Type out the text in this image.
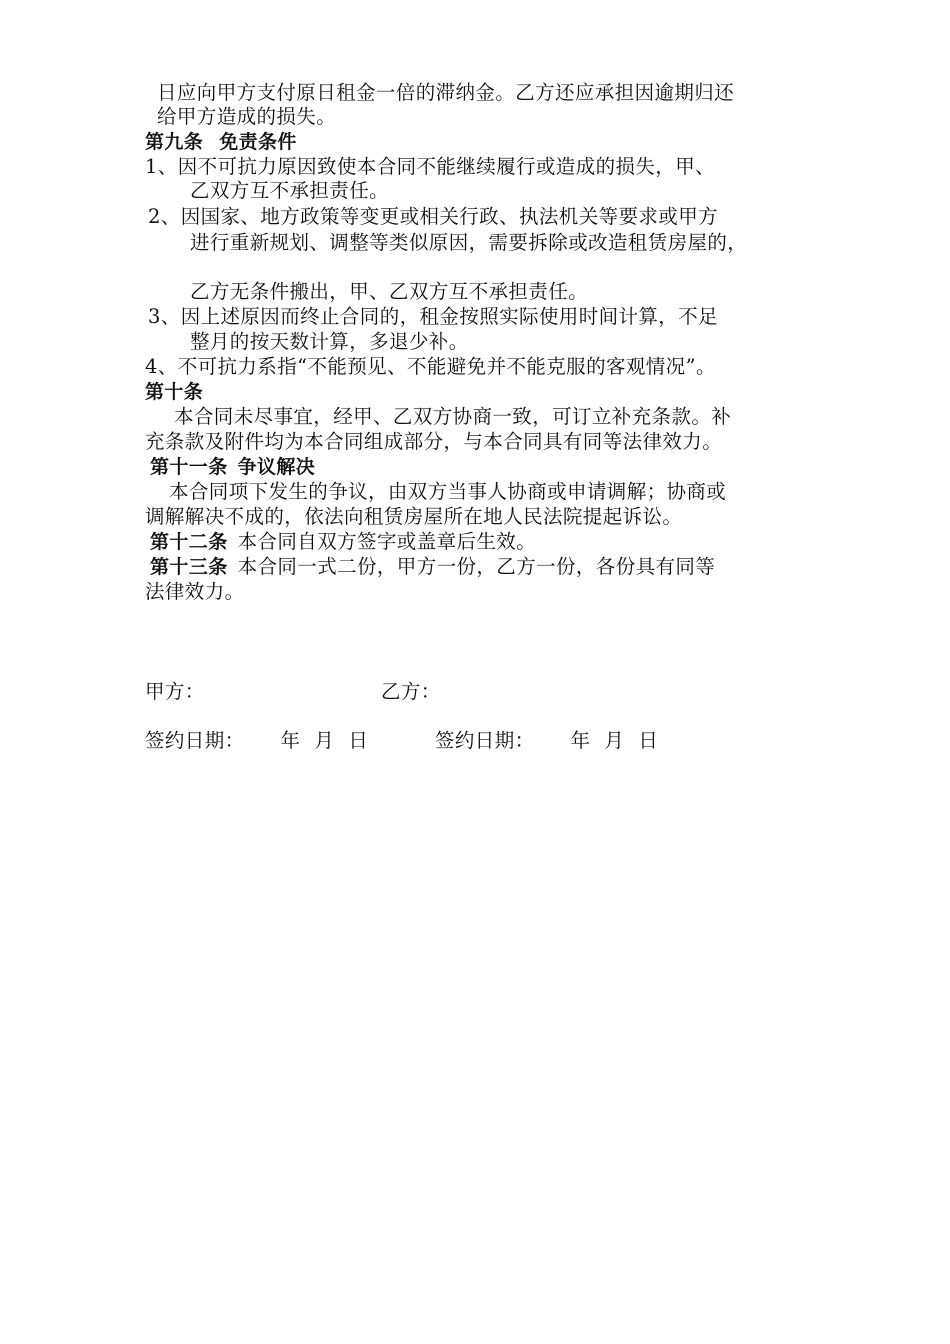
日应向甲方支付原日租金一倍的滞纳金。乙方还应承担因逾期归还
给甲方造成的损失。
第九条 免责条件
1、因不可抗力原因致使本合同不能继续履行或造成的损失，甲、
乙双方互不承担责任。
2、因国家、地方政策等变更或相关行政、执法机关等要求或甲方
进行重新规划、调整等类似原因，需要拆除或改造租赁房屋的，
乙方无条件搬出，甲、乙双方互不承担责任。
3、因上述原因而终止合同的，租金按照实际使用时间计算，不足
整月的按天数计算，多退少补。
4、不可抗力系指“不能预见、不能避免并不能克服的客观情况”。
第十条
本合同未尽事宜，经甲、乙双方协商一致，可订立补充条款。补
充条款及附件均为本合同组成部分，与本合同具有同等法律效力。
第十一条 争议解决
本合同项下发生的争议，由双方当事人协商或申请调解；协商或
调解解决不成的，依法向租赁房屋所在地人民法院提起诉讼。
第十二条 本合同自双方签字或盖章后生效。
第十三条 本合同一式二份，甲方一份，乙方一份，各份具有同等
法律效力。
甲方：	乙方：
签约日期： 年 月 日	签约日期： 年 月 日
